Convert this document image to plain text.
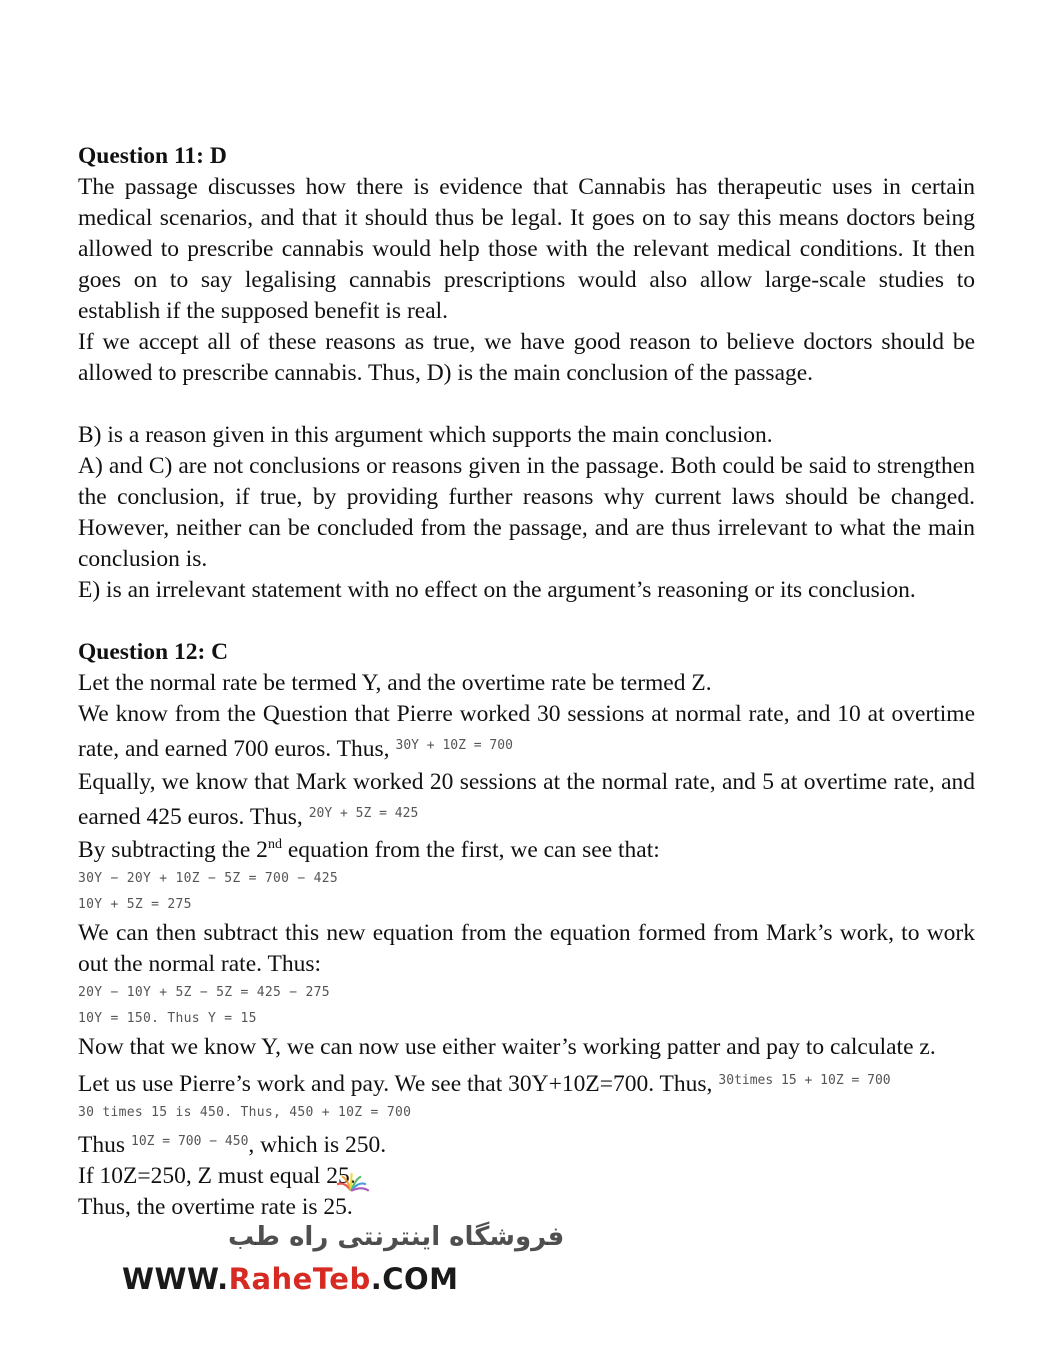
Question 11: D

The passage discusses how there is evidence that Cannabis has therapeutic uses in certain medical scenarios, and that it should thus be legal. It goes on to say this means doctors being allowed to prescribe cannabis would help those with the relevant medical conditions. It then goes on to say legalising cannabis prescriptions would also allow large-scale studies to establish if the supposed benefit is real.

If we accept all of these reasons as true, we have good reason to believe doctors should be allowed to prescribe cannabis. Thus, D) is the main conclusion of the passage.

B) is a reason given in this argument which supports the main conclusion.

A) and C) are not conclusions or reasons given in the passage. Both could be said to strengthen the conclusion, if true, by providing further reasons why current laws should be changed. However, neither can be concluded from the passage, and are thus irrelevant to what the main conclusion is.

E) is an irrelevant statement with no effect on the argument’s reasoning or its conclusion.

Question 12: C

Let the normal rate be termed Y, and the overtime rate be termed Z.

We know from the Question that Pierre worked 30 sessions at normal rate, and 10 at overtime rate, and earned 700 euros. Thus, $^{30Y + 10Z = 700}$

Equally, we know that Mark worked 20 sessions at the normal rate, and 5 at overtime rate, and earned 425 euros. Thus, $^{20Y + 5Z = 425}$

By subtracting the 2nd equation from the first, we can see that:

30Y − 20Y + 10Z − 5Z = 700 − 425

10Y + 5Z = 275

We can then subtract this new equation from the equation formed from Mark’s work, to work out the normal rate. Thus:

20Y − 10Y + 5Z − 5Z = 425 − 275

10Y = 150. Thus Y = 15

Now that we know Y, we can now use either waiter’s working patter and pay to calculate z.

Let us use Pierre’s work and pay. We see that 30Y+10Z=700. Thus, $^{30times 15 + 10Z = 700}$

30 times 15 is 450. Thus, 450 + 10Z = 700

Thus $^{10Z = 700 - 450}$, which is 250.

If 10Z=250, Z must equal 25.

Thus, the overtime rate is 25.

فروشگاه اینترنتی راه طب
WWW.RaheTeb.COM
